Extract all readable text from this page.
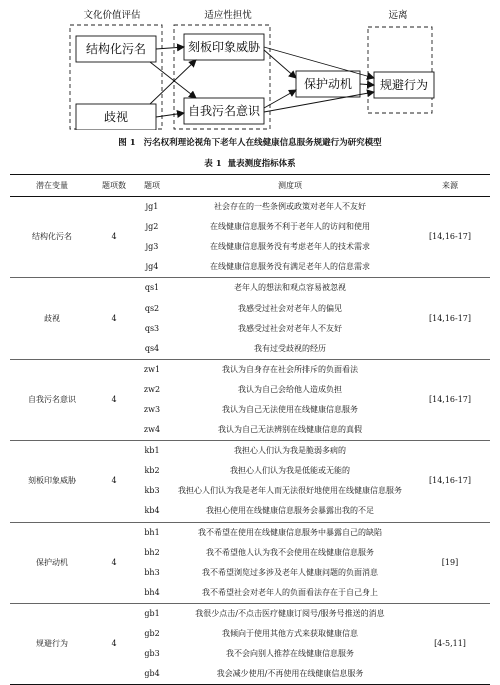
文化价值评估	适应性担忧	远离
结构化污名
歧视
刻板印象威胁
自我污名意识
保护动机 规避行为
图 1 污名权利理论视角下老年人在线健康信息服务规避行为研究模型
表 1 量表测度指标体系
潜在变量	题项数	题项	测度项	来源
结构化污名	4	jg1	社会存在的一些条例或政策对老年人不友好	[14,16-17]
		jg2	在线健康信息服务不利于老年人的访问和使用	
		jg3	在线健康信息服务没有考虑老年人的技术需求	
		jg4	在线健康信息服务没有满足老年人的信息需求	
歧视	4	qs1	老年人的想法和观点容易被忽视	[14,16-17]
		qs2	我感受过社会对老年人的偏见	
		qs3	我感受过社会对老年人不友好	
		qs4	我有过受歧视的经历	
自我污名意识	4	zw1	我认为自身存在社会所排斥的负面看法	[14,16-17]
		zw2	我认为自己会给他人造成负担	
		zw3	我认为自己无法使用在线健康信息服务	
		zw4	我认为自己无法辨别在线健康信息的真假	
刻板印象威胁	4	kb1	我担心人们认为我是脆弱多病的	[14,16-17]
		kb2	我担心人们认为我是低能或无能的	
		kb3	我担心人们认为我是老年人而无法很好地使用在线健康信息服务	
		kb4	我担心使用在线健康信息服务会暴露出我的不足	
保护动机	4	bh1	我不希望在使用在线健康信息服务中暴露自己的缺陷	[19]
		bh2	我不希望他人认为我不会使用在线健康信息服务	
		bh3	我不希望浏览过多涉及老年人健康问题的负面消息	
		bh4	我不希望社会对老年人的负面看法存在于自己身上	
规避行为	4	gb1	我很少点击/不点击医疗健康订阅号/服务号推送的消息	[4-5,11]
		gb2	我倾向于使用其他方式来获取健康信息	
		gb3	我不会向别人推荐在线健康信息服务	
		gb4	我会减少使用/不再使用在线健康信息服务	
